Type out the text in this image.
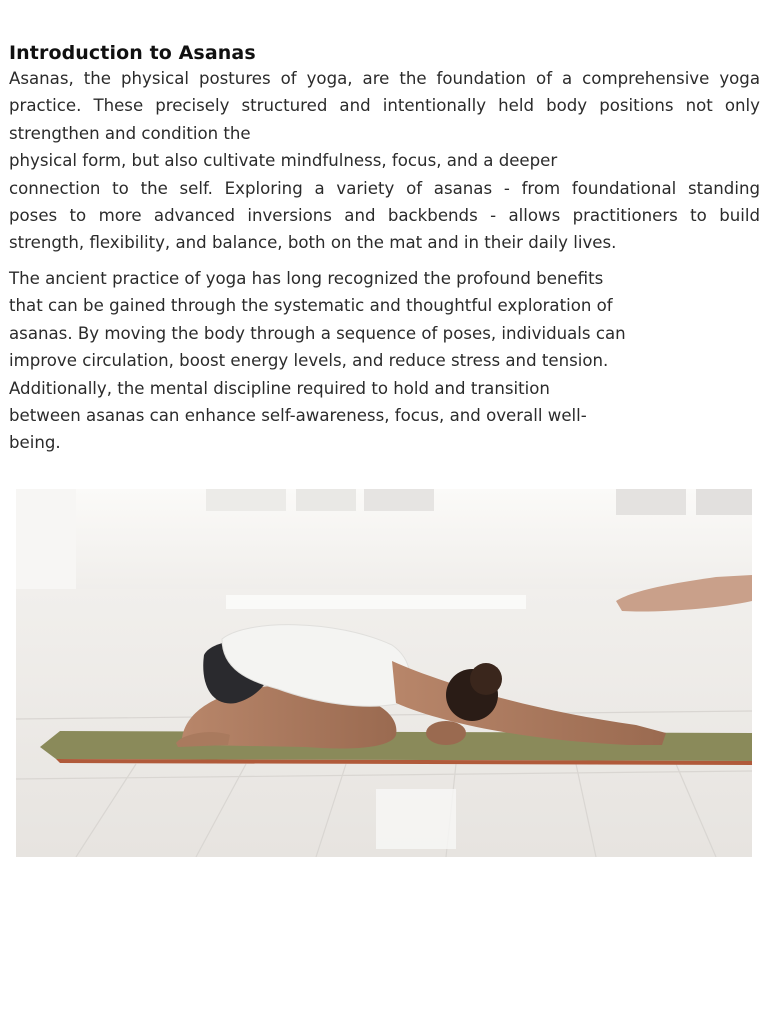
Introduction to Asanas
Asanas, the physical postures of yoga, are the foundation of a comprehensive yoga
practice. These precisely structured and intentionally held body positions not only
strengthen and condition the
physical form, but also cultivate mindfulness, focus, and a deeper
connection to the self. Exploring a variety of asanas - from foundational standing
poses to more advanced inversions and backbends - allows practitioners to build
strength, flexibility, and balance, both on the mat and in their daily lives.
The ancient practice of yoga has long recognized the profound benefits
that can be gained through the systematic and thoughtful exploration of
asanas. By moving the body through a sequence of poses, individuals can
improve circulation, boost energy levels, and reduce stress and tension.
Additionally, the mental discipline required to hold and transition
between asanas can enhance self-awareness, focus, and overall well-
being.
